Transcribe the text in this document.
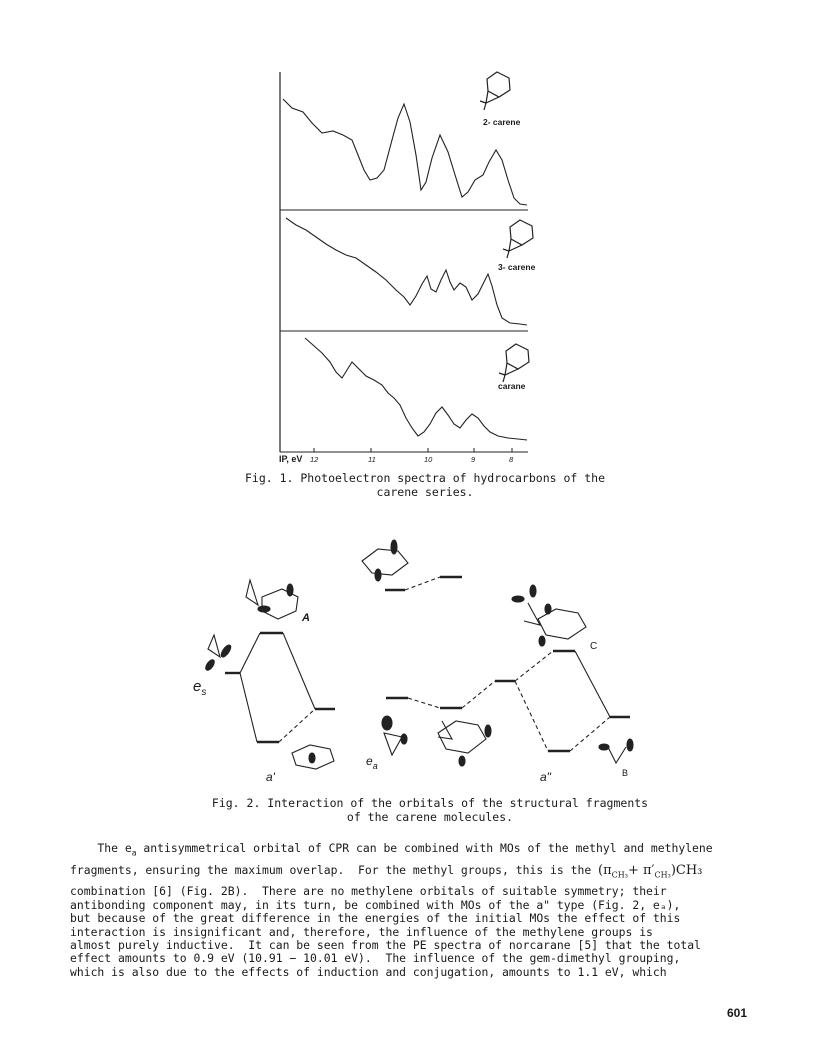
2- carene
3- carene
carane
IP, eV 12	11	10	9	8
Fig. 1. Photoelectron spectra of hydrocarbons of the
carene series.
A
C
B
$e_s$
$e_a$
a'	a"
Fig. 2. Interaction of the orbitals of the structural fragments
of the carene molecules.
The $e_a$ antisymmetrical orbital of CPR can be combined with MOs of the methyl and methylene
fragments, ensuring the maximum overlap.  For the methyl groups, this is the $(\pi_{CH_3}+ \pi'_{CH_3})CH_3$
combination [6] (Fig. 2B).  There are no methylene orbitals of suitable symmetry; their
antibonding component may, in its turn, be combined with MOs of the a" type (Fig. 2, eₐ),
but because of the great difference in the energies of the initial MOs the effect of this
interaction is insignificant and, therefore, the influence of the methylene groups is
almost purely inductive.  It can be seen from the PE spectra of norcarane [5] that the total
effect amounts to 0.9 eV (10.91 − 10.01 eV).  The influence of the gem-dimethyl grouping,
which is also due to the effects of induction and conjugation, amounts to 1.1 eV, which
601
